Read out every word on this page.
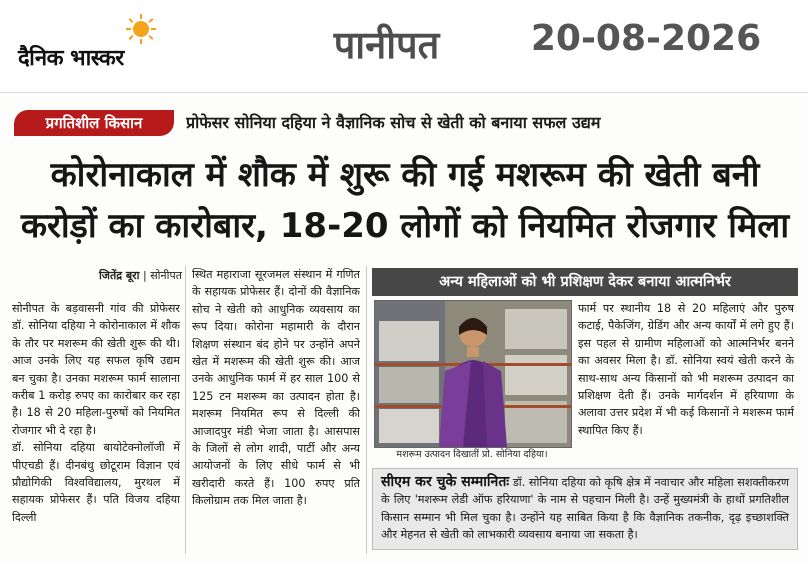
दैनिक भास्कर	पानीपत	20-08-2026
प्रगतिशील किसान	प्रोफेसर सोनिया दहिया ने वैज्ञानिक सोच से खेती को बनाया सफल उद्यम
कोरोनाकाल में शौक में शुरू की गई मशरूम की खेती बनी
करोड़ों का कारोबार, 18-20 लोगों को नियमित रोजगार मिला
जितेंद्र बूरा | सोनीपत
सोनीपत के बड़वासनी गांव की प्रोफेसर डॉ. सोनिया दहिया ने कोरोनाकाल में शौक के तौर पर मशरूम की खेती शुरू की थी। आज उनके लिए यह सफल कृषि उद्यम बन चुका है। उनका मशरूम फार्म सालाना करीब 1 करोड़ रुपए का कारोबार कर रहा है। 18 से 20 महिला-पुरुषों को नियमित रोजगार भी दे रहा है।
डॉ. सोनिया दहिया बायोटेक्नोलॉजी में पीएचडी हैं। दीनबंधु छोटूराम विज्ञान एवं प्रौद्योगिकी विश्वविद्यालय, मुरथल में सहायक प्रोफेसर हैं। पति विजय दहिया दिल्ली
स्थित महाराजा सूरजमल संस्थान में गणित के सहायक प्रोफेसर हैं। दोनों की वैज्ञानिक सोच ने खेती को आधुनिक व्यवसाय का रूप दिया। कोरोना महामारी के दौरान शिक्षण संस्थान बंद होने पर उन्होंने अपने खेत में मशरूम की खेती शुरू की। आज उनके आधुनिक फार्म में हर साल 100 से 125 टन मशरूम का उत्पादन होता है। मशरूम नियमित रूप से दिल्ली की आजादपुर मंडी भेजा जाता है। आसपास के जिलों से लोग शादी, पार्टी और अन्य आयोजनों के लिए सीधे फार्म से भी खरीदारी करते हैं। 100 रुपए प्रति किलोग्राम तक मिल जाता है।
अन्य महिलाओं को भी प्रशिक्षण देकर बनाया आत्मनिर्भर
मशरूम उत्पादन दिखातीं प्रो. सोनिया दहिया।
फार्म पर स्थानीय 18 से 20 महिलाएं और पुरुष कटाई, पैकेजिंग, ग्रेडिंग और अन्य कार्यों में लगे हुए हैं। इस पहल से ग्रामीण महिलाओं को आत्मनिर्भर बनने का अवसर मिला है। डॉ. सोनिया स्वयं खेती करने के साथ-साथ अन्य किसानों को भी मशरूम उत्पादन का प्रशिक्षण देती हैं। उनके मार्गदर्शन में हरियाणा के अलावा उत्तर प्रदेश में भी कई किसानों ने मशरूम फार्म स्थापित किए हैं।
सीएम कर चुके सम्मानितः डॉ. सोनिया दहिया को कृषि क्षेत्र में नवाचार और महिला सशक्तीकरण के लिए 'मशरूम लेडी ऑफ हरियाणा' के नाम से पहचान मिली है। उन्हें मुख्यमंत्री के हाथों प्रगतिशील किसान सम्मान भी मिल चुका है। उन्होंने यह साबित किया है कि वैज्ञानिक तकनीक, दृढ़ इच्छाशक्ति और मेहनत से खेती को लाभकारी व्यवसाय बनाया जा सकता है।
